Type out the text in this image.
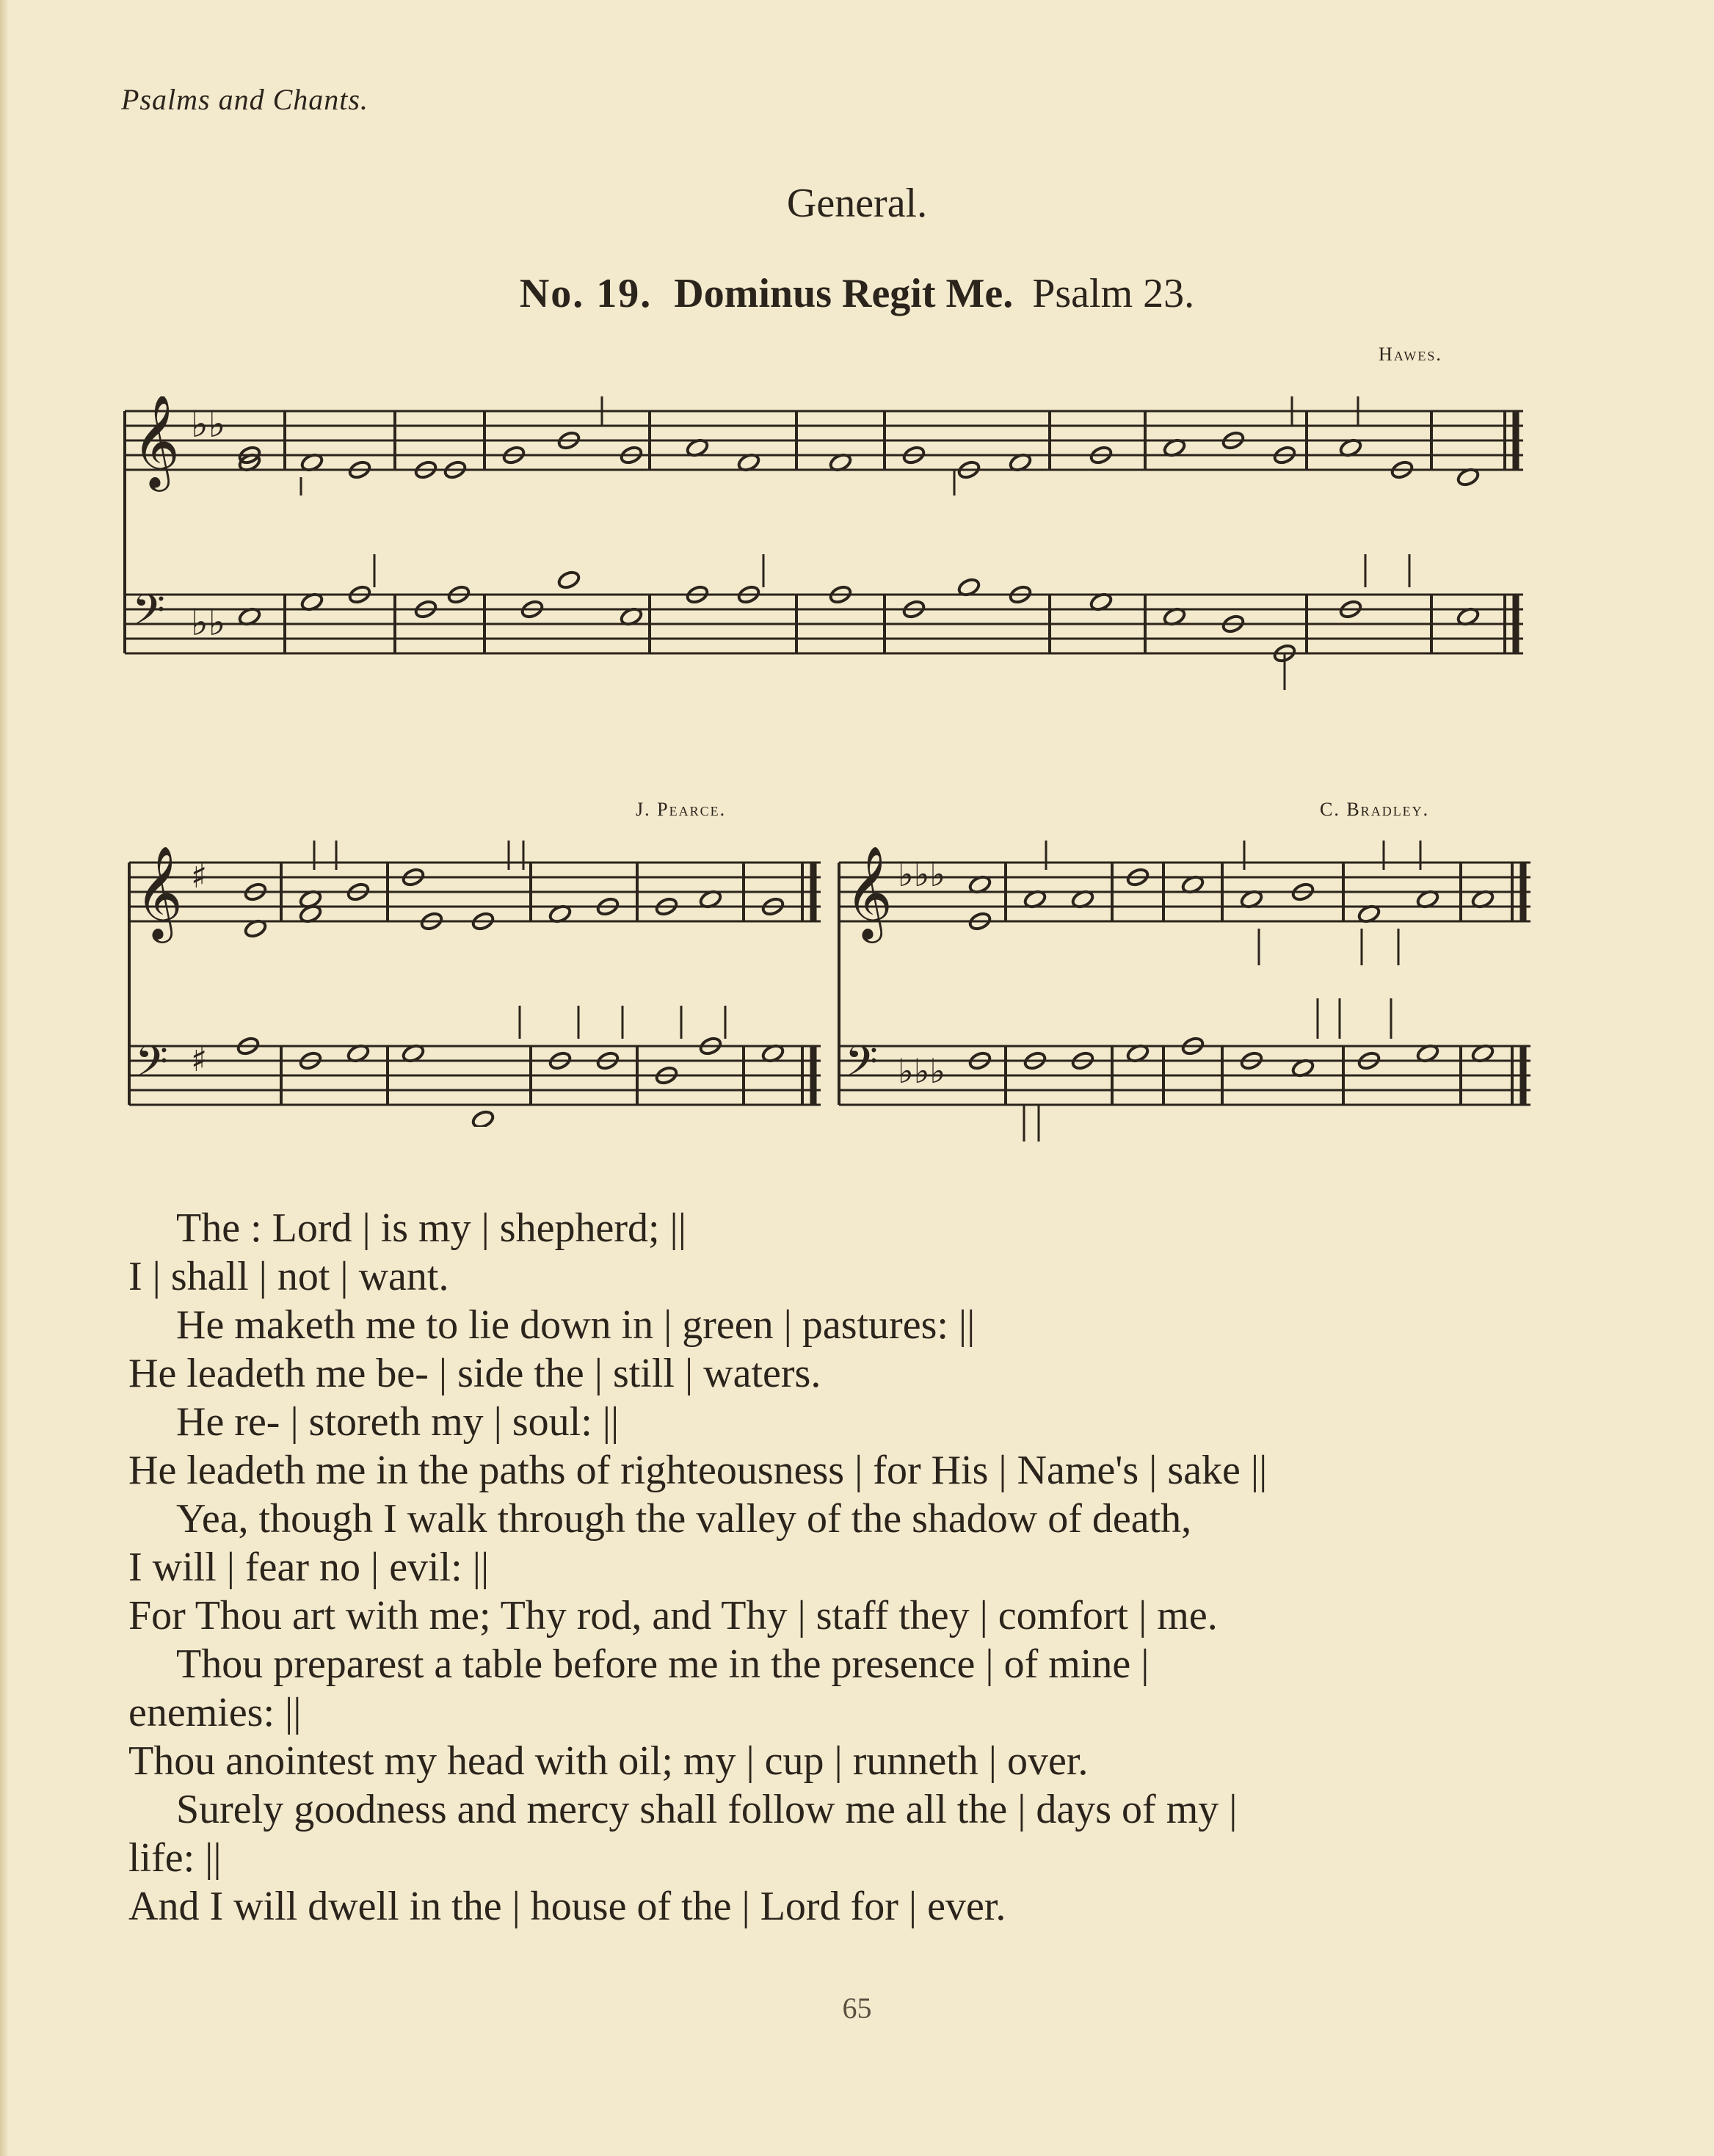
Psalms and Chants.
General.
No. 19. Dominus Regit Me. Psalm 23.
Hawes.
J. Pearce.	C. Bradley.
𝄞
𝄢
♭♭
♭♭
𝄞
𝄢
♯
♯
𝄞
𝄢
♭♭♭
♭♭♭
The : Lord | is my | shepherd; ||
I | shall | not | want.
He maketh me to lie down in | green | pastures: ||
He leadeth me be- | side the | still | waters.
He re- | storeth my | soul: ||
He leadeth me in the paths of righteousness | for His | Name's | sake ||
Yea, though I walk through the valley of the shadow of death,
I will | fear no | evil: ||
For Thou art with me; Thy rod, and Thy | staff they | comfort | me.
Thou preparest a table before me in the presence | of mine |
enemies: ||
Thou anointest my head with oil; my | cup | runneth | over.
Surely goodness and mercy shall follow me all the | days of my |
life: ||
And I will dwell in the | house of the | Lord for | ever.
65
